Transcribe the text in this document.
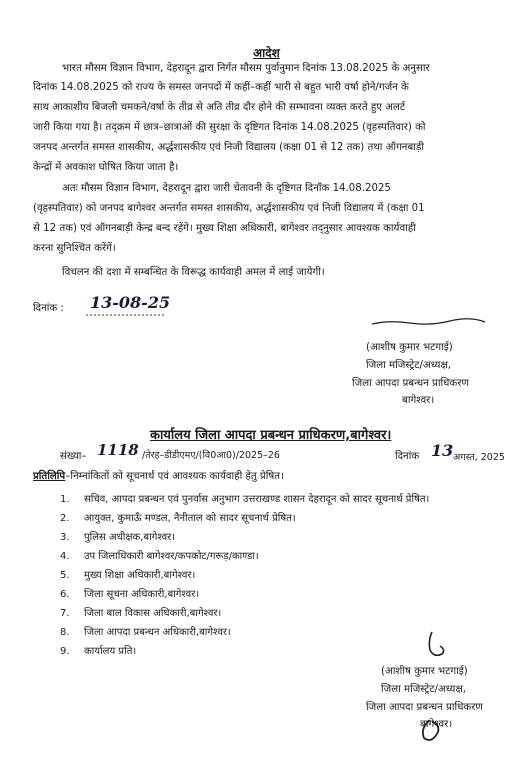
आदेश
भारत मौसम विज्ञान विभाग, देहरादून द्वारा निर्गत मौसम पुर्वानुमान दिनांक 13.08.2025 के अनुसार
दिनांक 14.08.2025 को राज्य के समस्त जनपदों में कहीं–कहीं भारी से बहुत भारी वर्षा होने/गर्जन के
साथ आकाशीय बिजली चमकने/वर्षा के तीव्र से अति तीव्र दौर होने की सम्भावना व्यक्त करते हुए अलर्ट
जारी किया गया है। तद्क्रम में छात्र–छात्राओं की सुरक्षा के दृष्टिगत दिनांक 14.08.2025 (वृहस्पतिवार) को
जनपद अन्तर्गत समस्त शासकीय, अर्द्धशासकीय एवं निजी विद्यालय (कक्षा 01 से 12 तक) तथा ऑगनबाड़ी
केन्द्रों में अवकाश घोषित किया जाता है।
अतः मौसम विज्ञान विभाग, देहरादून द्वारा जारी चेतावनी के दृष्टिगत दिनॉक 14.08.2025
(वृहस्पतिवार) को जनपद बागेश्वर अन्तर्गत समस्त शासकीय, अर्द्धशासकीय एवं निजी विद्यालय में (कक्षा 01
से 12 तक) एवं ऑगनबाड़ी केन्द्र बन्द रहेंगे। मुख्य शिक्षा अधिकारी, बागेश्वर तद्नुसार आवश्यक कार्यवाही
करना सुनिश्चित करेंगें।
विचलन की दशा में सम्बन्धित के विरूद्ध कार्यवाही अमल में लाई जायेगी।
दिनांक : 13-08-25
(आशीष कुमार भटगाई)
जिला मजिस्ट्रेट/अध्यक्ष,
जिला आपदा प्रबन्धन प्राधिकरण
बागेश्वर।
कार्यालय जिला आपदा प्रबन्धन प्राधिकरण,बागेश्वर।
संख्या– 1118 /तेरह–डीडीएमए/(वि0आ0)/2025–26	दिनांक 13 अगस्त, 2025
प्रतिलिपि–निम्नांकितों को सूचनार्थ एवं आवश्यक कार्यवाही हेतु प्रेषित।
1. सचिव, आपदा प्रबन्धन एवं पुनर्वास अनुभाग उत्तराखण्ड शासन देहरादून को सादर सूचनार्थ प्रेषित।
2. आयुक्त, कुमाऊँ मण्डल, नैनीताल को सादर सूचनार्थ प्रेषित।
3. पुलिस अधीक्षक,बागेश्वर।
4. उप जिलाधिकारी बागेश्वर/कपकोट/गरूड़/काण्डा।
5. मुख्य शिक्षा अधिकारी,बागेश्वर।
6. जिला सूचना अधिकारी,बागेश्वर।
7. जिला बाल विकास अधिकारी,बागेश्वर।
8. जिला आपदा प्रबन्धन अधिकारी,बागेश्वर।
9. कार्यालय प्रति।
(आशीष कुमार भटगाई)
जिला मजिस्ट्रेट/अध्यक्ष,
जिला आपदा प्रबन्धन प्राधिकरण
बागेश्वर।
